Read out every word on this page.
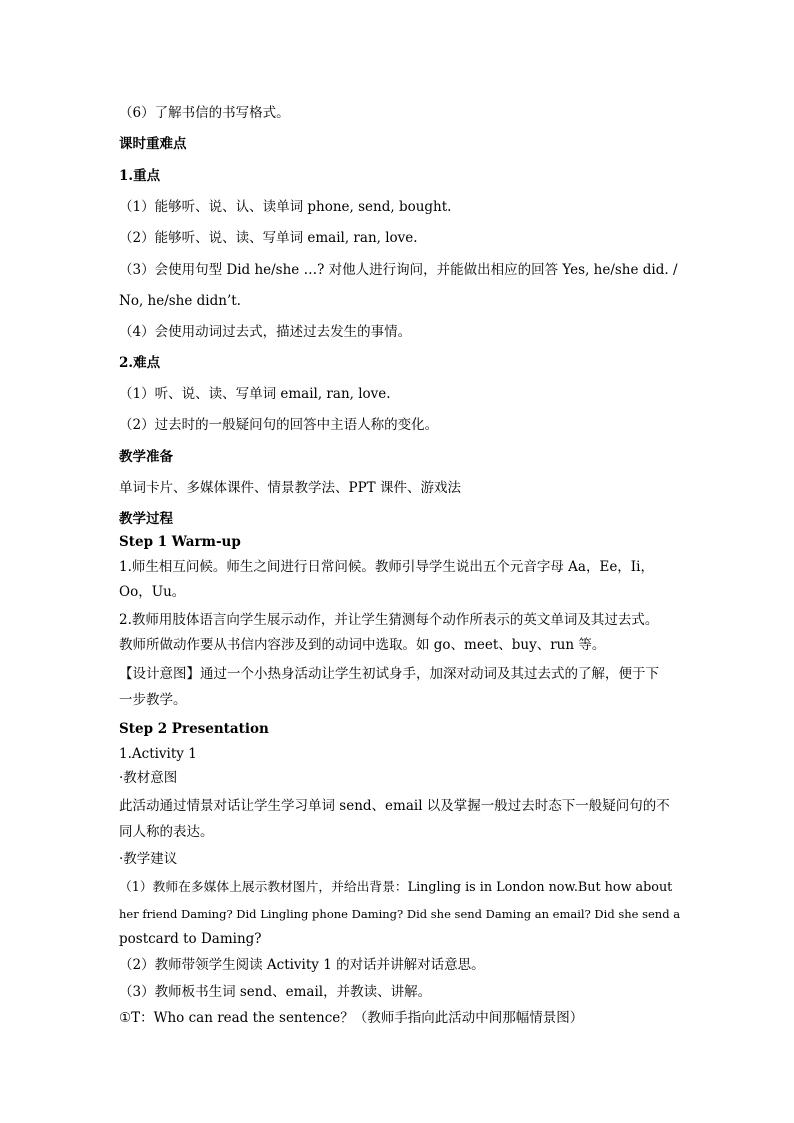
（6）了解书信的书写格式。
课时重难点
1.重点
（1）能够听、说、认、读单词 phone, send, bought.
（2）能够听、说、读、写单词 email, ran, love.
（3）会使用句型 Did he/she …? 对他人进行询问，并能做出相应的回答 Yes, he/she did. /
No, he/she didn’t.
（4）会使用动词过去式，描述过去发生的事情。
2.难点
（1）听、说、读、写单词 email, ran, love.
（2）过去时的一般疑问句的回答中主语人称的变化。
教学准备
单词卡片、多媒体课件、情景教学法、PPT 课件、游戏法
教学过程
Step 1 Warm-up
1.师生相互问候。师生之间进行日常问候。教师引导学生说出五个元音字母 Aa，Ee，Ii，
Oo，Uu。
2.教师用肢体语言向学生展示动作，并让学生猜测每个动作所表示的英文单词及其过去式。
教师所做动作要从书信内容涉及到的动词中选取。如 go、meet、buy、run 等。
【设计意图】通过一个小热身活动让学生初试身手，加深对动词及其过去式的了解，便于下
一步教学。
Step 2 Presentation
1.Activity 1
·教材意图
此活动通过情景对话让学生学习单词 send、email 以及掌握一般过去时态下一般疑问句的不
同人称的表达。
·教学建议
（1）教师在多媒体上展示教材图片，并给出背景：Lingling is in London now.But how about
her friend Daming? Did Lingling phone Daming? Did she send Daming an email? Did she send a
postcard to Daming?
（2）教师带领学生阅读 Activity 1 的对话并讲解对话意思。
（3）教师板书生词 send、email，并教读、讲解。
①T：Who can read the sentence？（教师手指向此活动中间那幅情景图）
